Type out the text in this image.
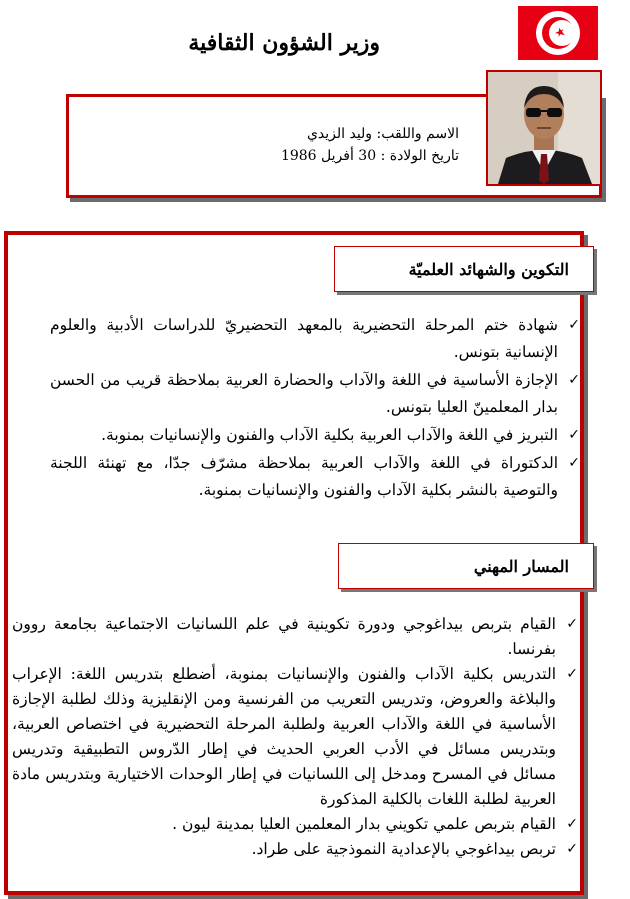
وزير الشؤون الثقافية
الاسم واللقب: وليد الزيدي
تاريخ الولادة : 30 أفريل 1986
التكوين والشهائد العلميّة
✓
شهادة ختم المرحلة التحضيرية بالمعهد التحضيريّ للدراسات الأدبية والعلوم الإنسانية بتونس.
✓
الإجازة الأساسية في اللغة والآداب والحضارة العربية بملاحظة قريب من الحسن بدار المعلمينّ العليا بتونس.
✓
التبريز في اللغة والآداب العربية بكلية الآداب والفنون والإنسانيات بمنوبة.
✓
الدكتوراة في اللغة والآداب العربية بملاحظة مشرّف جدّا، مع تهنئة اللجنة والتوصية بالنشر بكلية الآداب والفنون والإنسانيات بمنوبة.
المسار المهني
✓
القيام بتربص بيداغوجي ودورة تكوينية في علم اللسانيات الاجتماعية بجامعة روون بفرنسا.
✓
التدريس بكلية الآداب والفنون والإنسانيات بمنوبة، أضطلع بتدريس اللغة: الإعراب والبلاغة والعروض، وتدريس التعريب من الفرنسية ومن الإنقليزية وذلك لطلبة الإجازة الأساسية في اللغة والآداب العربية ولطلبة المرحلة التحضيرية في اختصاص العربية، وبتدريس مسائل في الأدب العربي الحديث في إطار الدّروس التطبيقية وتدريس مسائل في المسرح ومدخل إلى اللسانيات في إطار الوحدات الاختيارية وبتدريس مادة العربية لطلبة اللغات بالكلية المذكورة
✓
القيام بتربص علمي تكويني بدار المعلمين العليا بمدينة ليون .
✓
تربص بيداغوجي بالإعدادية النموذجية على طراد.
